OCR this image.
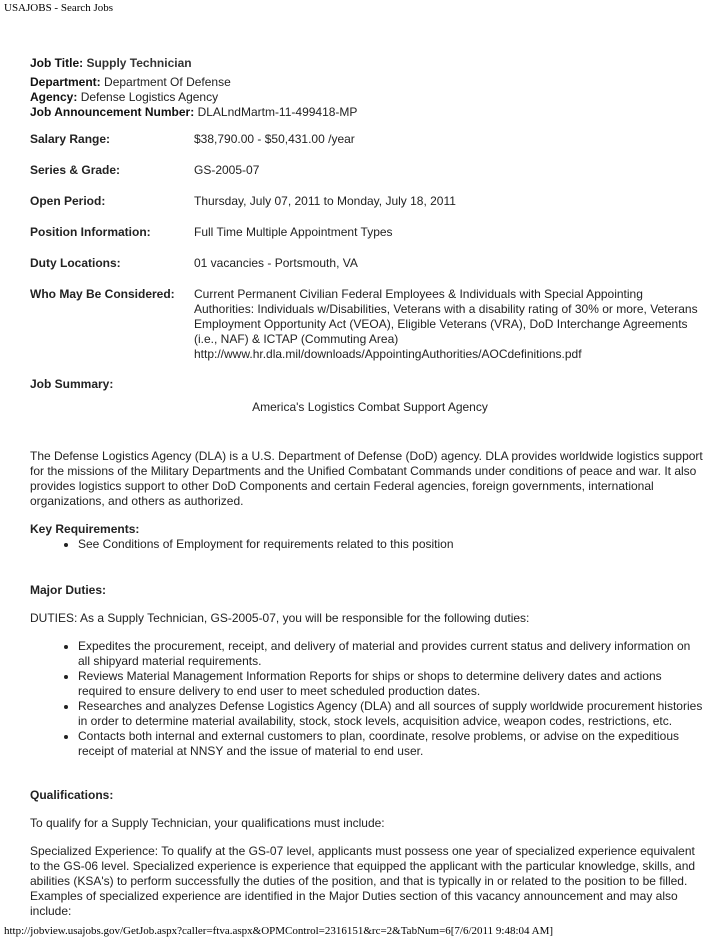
USAJOBS - Search Jobs
Job Title: Supply Technician
Department: Department Of Defense
Agency: Defense Logistics Agency
Job Announcement Number: DLALndMartm-11-499418-MP
Salary Range:	$38,790.00 - $50,431.00 /year
Series & Grade:	GS-2005-07
Open Period:	Thursday, July 07, 2011 to Monday, July 18, 2011
Position Information:	Full Time Multiple Appointment Types
Duty Locations:	01 vacancies - Portsmouth, VA
Who May Be Considered:	Current Permanent Civilian Federal Employees & Individuals with Special Appointing
Authorities: Individuals w/Disabilities, Veterans with a disability rating of 30% or more, Veterans
Employment Opportunity Act (VEOA), Eligible Veterans (VRA), DoD Interchange Agreements
(i.e., NAF) & ICTAP (Commuting Area)
http://www.hr.dla.mil/downloads/AppointingAuthorities/AOCdefinitions.pdf
Job Summary:
America's Logistics Combat Support Agency
The Defense Logistics Agency (DLA) is a U.S. Department of Defense (DoD) agency. DLA provides worldwide logistics support
for the missions of the Military Departments and the Unified Combatant Commands under conditions of peace and war. It also
provides logistics support to other DoD Components and certain Federal agencies, foreign governments, international
organizations, and others as authorized.
Key Requirements:
• See Conditions of Employment for requirements related to this position
Major Duties:
DUTIES: As a Supply Technician, GS-2005-07, you will be responsible for the following duties:
• Expedites the procurement, receipt, and delivery of material and provides current status and delivery information on
all shipyard material requirements.
• Reviews Material Management Information Reports for ships or shops to determine delivery dates and actions
required to ensure delivery to end user to meet scheduled production dates.
• Researches and analyzes Defense Logistics Agency (DLA) and all sources of supply worldwide procurement histories
in order to determine material availability, stock, stock levels, acquisition advice, weapon codes, restrictions, etc.
• Contacts both internal and external customers to plan, coordinate, resolve problems, or advise on the expeditious
receipt of material at NNSY and the issue of material to end user.
Qualifications:
To qualify for a Supply Technician, your qualifications must include:
Specialized Experience: To qualify at the GS-07 level, applicants must possess one year of specialized experience equivalent
to the GS-06 level. Specialized experience is experience that equipped the applicant with the particular knowledge, skills, and
abilities (KSA's) to perform successfully the duties of the position, and that is typically in or related to the position to be filled.
Examples of specialized experience are identified in the Major Duties section of this vacancy announcement and may also
include:
http://jobview.usajobs.gov/GetJob.aspx?caller=ftva.aspx&OPMControl=2316151&rc=2&TabNum=6[7/6/2011 9:48:04 AM]
